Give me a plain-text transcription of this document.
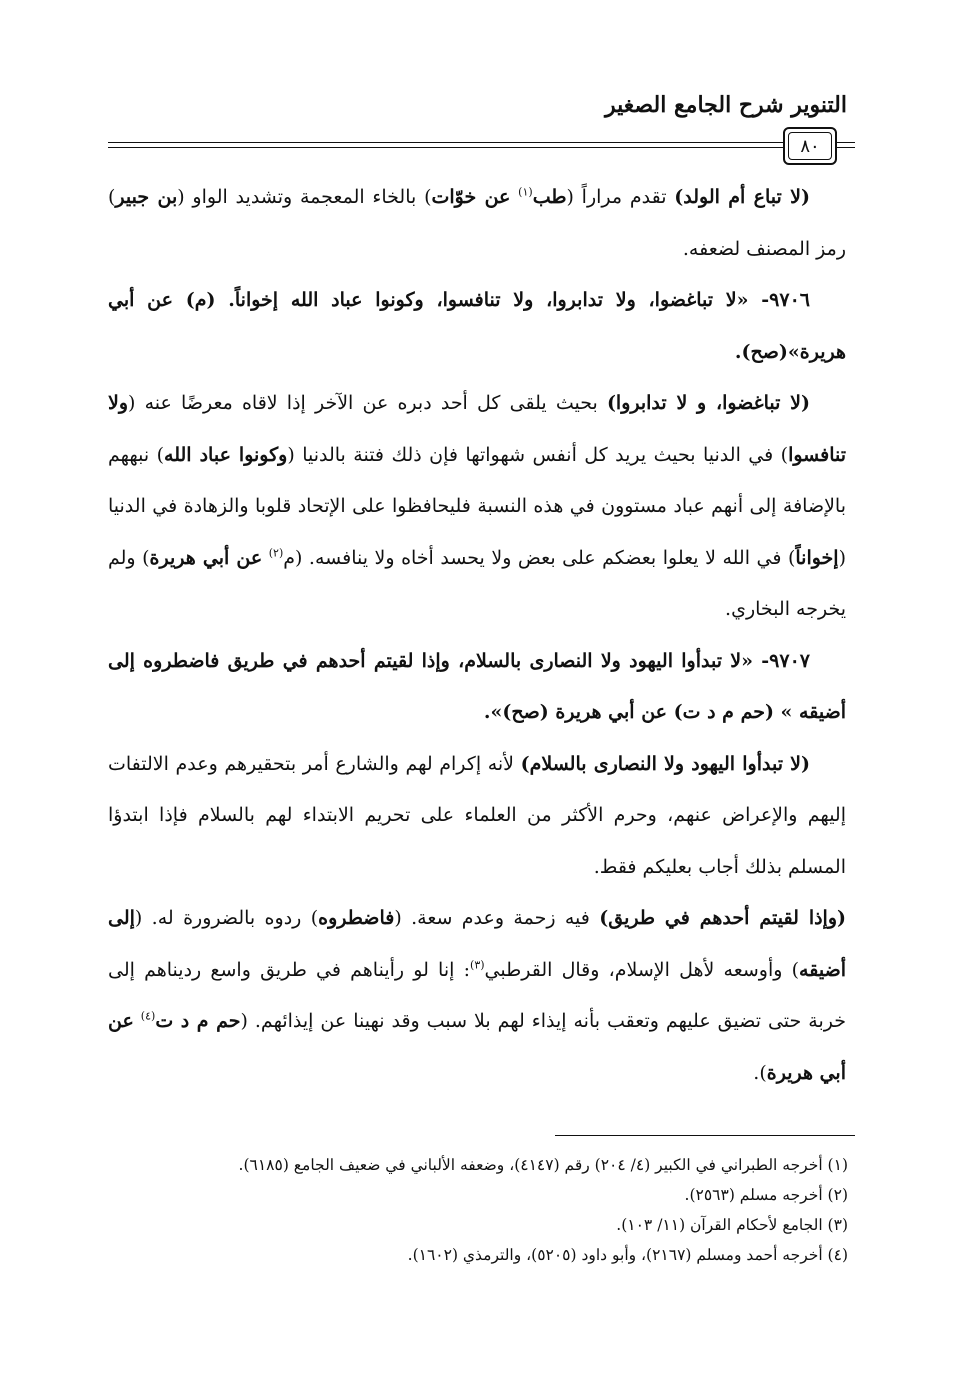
التنوير شرح الجامع الصغير
٨٠

(لا تباع أم الولد) تقدم مراراً (طب$^{(١)}$ عن خوّات) بالخاء المعجمة وتشديد الواو (بن جبير) رمز المصنف لضعفه.

٩٧٠٦- «لا تباغضوا، ولا تدابروا، ولا تنافسوا، وكونوا عباد الله إخواناً. (م) عن أبي هريرة»(صح).

(لا تباغضوا، و لا تدابروا) بحيث يلقى كل أحد دبره عن الآخر إذا لاقاه معرضًا عنه (ولا تنافسوا) في الدنيا بحيث يريد كل أنفس شهواتها فإن ذلك فتنة بالدنيا (وكونوا عباد الله) نبههم بالإضافة إلى أنهم عباد مستوون في هذه النسبة فليحافظوا على الإتحاد قلوبا والزهادة في الدنيا (إخواناً) في الله لا يعلوا بعضكم على بعض ولا يحسد أخاه ولا ينافسه. (م$^{(٢)}$ عن أبي هريرة) ولم يخرجه البخاري.

٩٧٠٧- «لا تبدأوا اليهود ولا النصارى بالسلام، وإذا لقيتم أحدهم في طريق فاضطروه إلى أضيقه » (حم م د ت) عن أبي هريرة (صح)».

(لا تبدأوا اليهود ولا النصارى بالسلام) لأنه إكرام لهم والشارع أمر بتحقيرهم وعدم الالتفات إليهم والإعراض عنهم، وحرم الأكثر من العلماء على تحريم الابتداء لهم بالسلام فإذا ابتدؤا المسلم بذلك أجاب بعليكم فقط.

(وإذا لقيتم أحدهم في طريق) فيه زحمة وعدم سعة. (فاضطروه) ردوه بالضرورة له. (إلى أضيقه) وأوسعه لأهل الإسلام، وقال القرطبي$^{(٣)}$: إنا لو رأيناهم في طريق واسع رديناهم إلى خربة حتى تضيق عليهم وتعقب بأنه إيذاء لهم بلا سبب وقد نهينا عن إيذائهم. (حم م د ت$^{(٤)}$ عن أبي هريرة).

(١) أخرجه الطبراني في الكبير (٤/ ٢٠٤) رقم (٤١٤٧)، وضعفه الألباني في ضعيف الجامع (٦١٨٥).
(٢) أخرجه مسلم (٢٥٦٣).
(٣) الجامع لأحكام القرآن (١١/ ١٠٣).
(٤) أخرجه أحمد ومسلم (٢١٦٧)، وأبو داود (٥٢٠٥)، والترمذي (١٦٠٢).
